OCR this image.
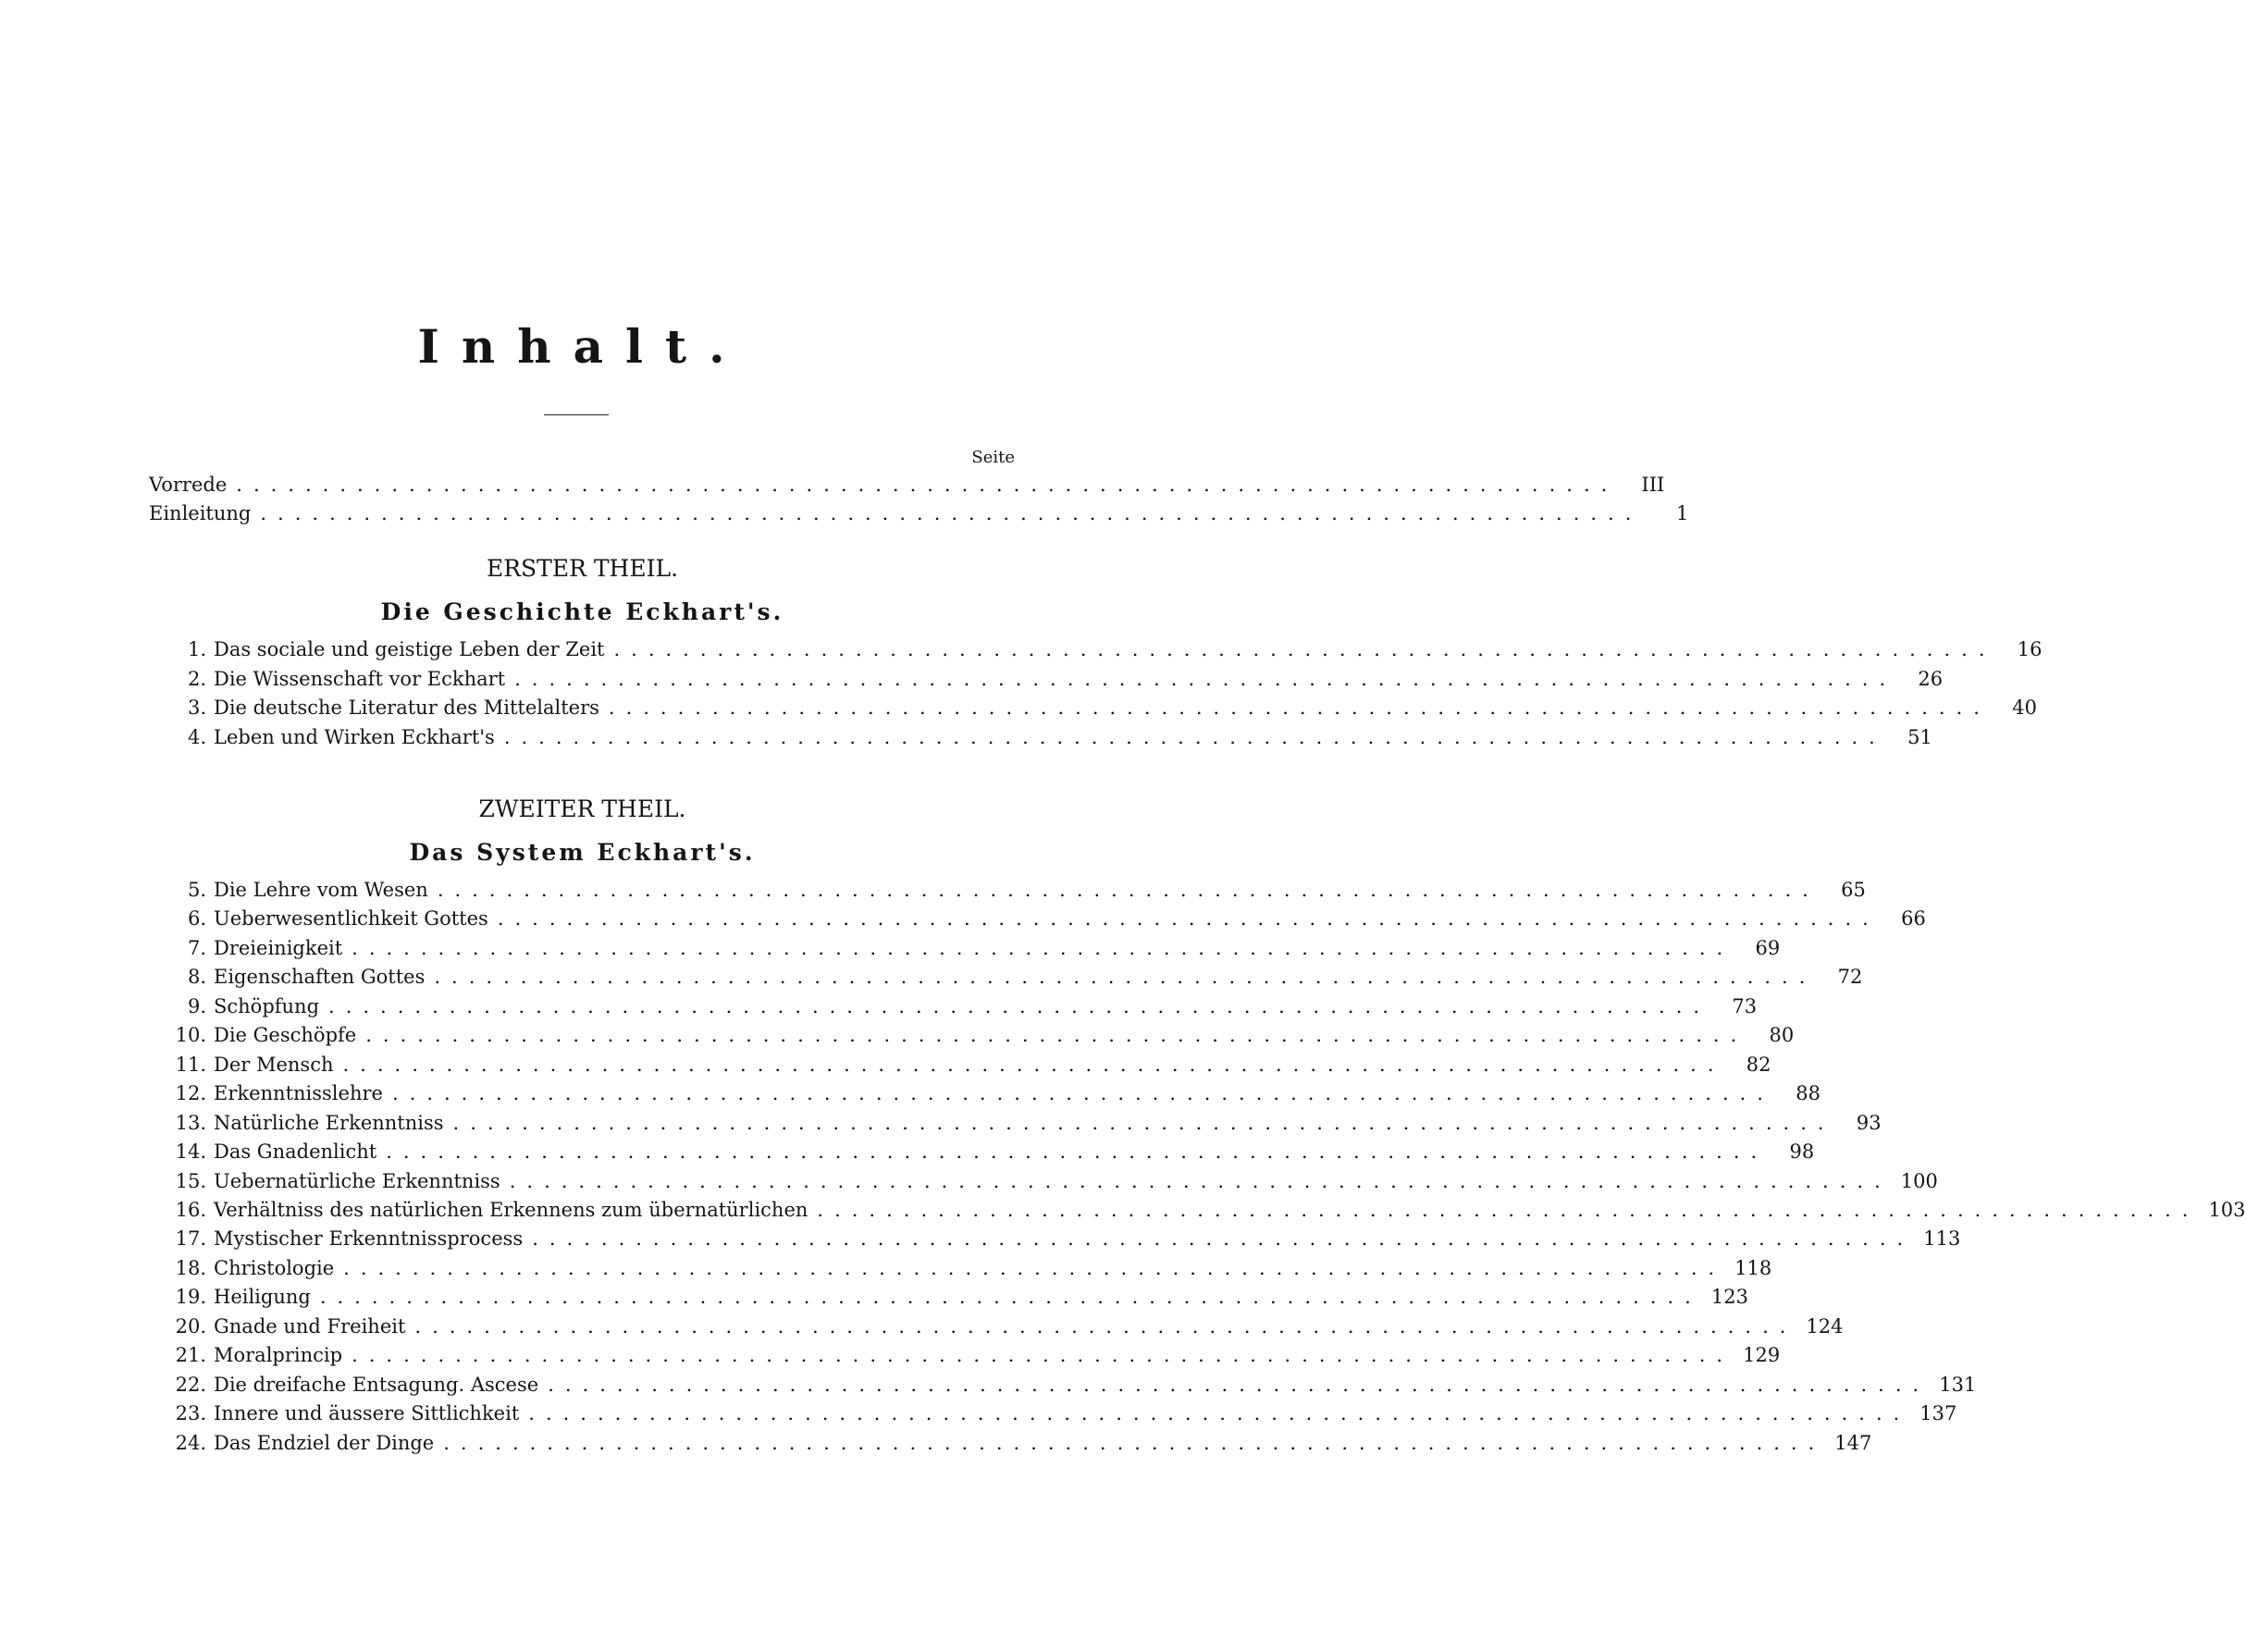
Inhalt.
Seite
Vorrede ................................................................................	III
Einleitung ................................................................................	1
ERSTER THEIL.
Die Geschichte Eckhart's.
1. Das sociale und geistige Leben der Zeit ................................................................................	16
2. Die Wissenschaft vor Eckhart ................................................................................	26
3. Die deutsche Literatur des Mittelalters ................................................................................	40
4. Leben und Wirken Eckhart's ................................................................................	51
ZWEITER THEIL.
Das System Eckhart's.
5. Die Lehre vom Wesen ................................................................................	65
6. Ueberwesentlichkeit Gottes ................................................................................	66
7. Dreieinigkeit ................................................................................	69
8. Eigenschaften Gottes ................................................................................	72
9. Schöpfung ................................................................................	73
10. Die Geschöpfe ................................................................................	80
11. Der Mensch ................................................................................	82
12. Erkenntnisslehre ................................................................................	88
13. Natürliche Erkenntniss ................................................................................	93
14. Das Gnadenlicht ................................................................................	98
15. Uebernatürliche Erkenntniss ................................................................................ 100
16. Verhältniss des natürlichen Erkennens zum übernatürlichen ................................................................................ 103
17. Mystischer Erkenntnissprocess ................................................................................ 113
18. Christologie ................................................................................ 118
19. Heiligung ................................................................................ 123
20. Gnade und Freiheit ................................................................................ 124
21. Moralprincip ................................................................................ 129
22. Die dreifache Entsagung. Ascese ................................................................................ 131
23. Innere und äussere Sittlichkeit ................................................................................ 137
24. Das Endziel der Dinge ................................................................................ 147
